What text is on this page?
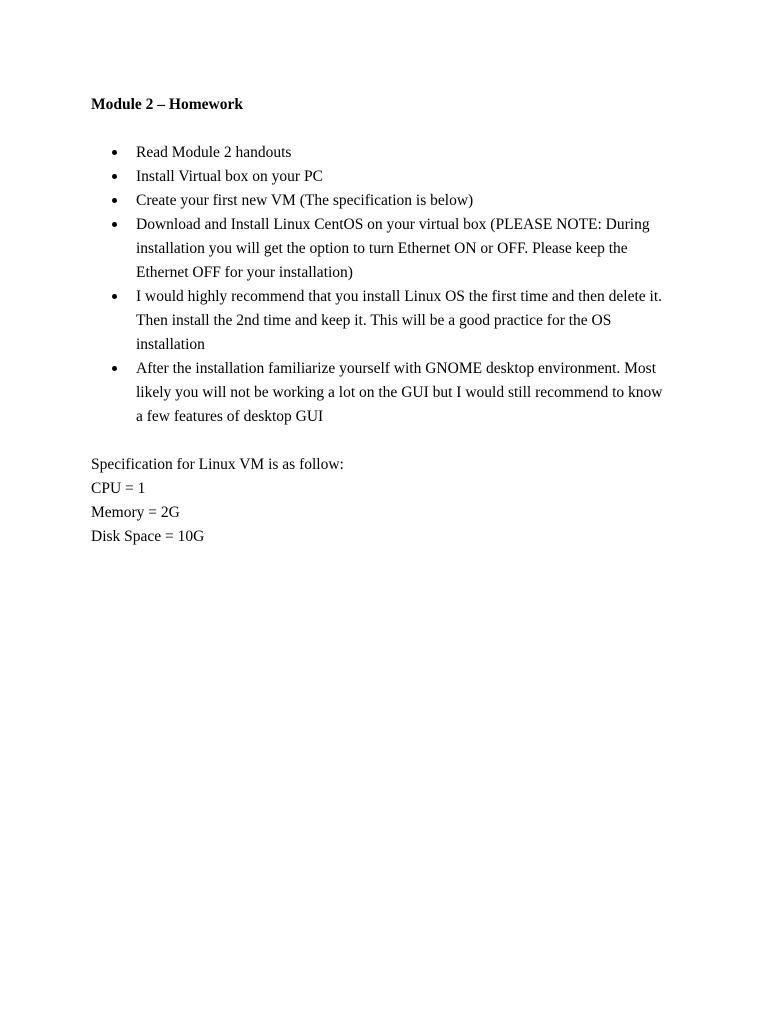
Module 2 – Homework

Read Module 2 handouts
Install Virtual box on your PC
Create your first new VM (The specification is below)
Download and Install Linux CentOS on your virtual box (PLEASE NOTE: During installation you will get the option to turn Ethernet ON or OFF. Please keep the Ethernet OFF for your installation)
I would highly recommend that you install Linux OS the first time and then delete it. Then install the 2nd time and keep it. This will be a good practice for the OS installation
After the installation familiarize yourself with GNOME desktop environment. Most likely you will not be working a lot on the GUI but I would still recommend to know a few features of desktop GUI
Specification for Linux VM is as follow:
CPU = 1
Memory = 2G
Disk Space = 10G
